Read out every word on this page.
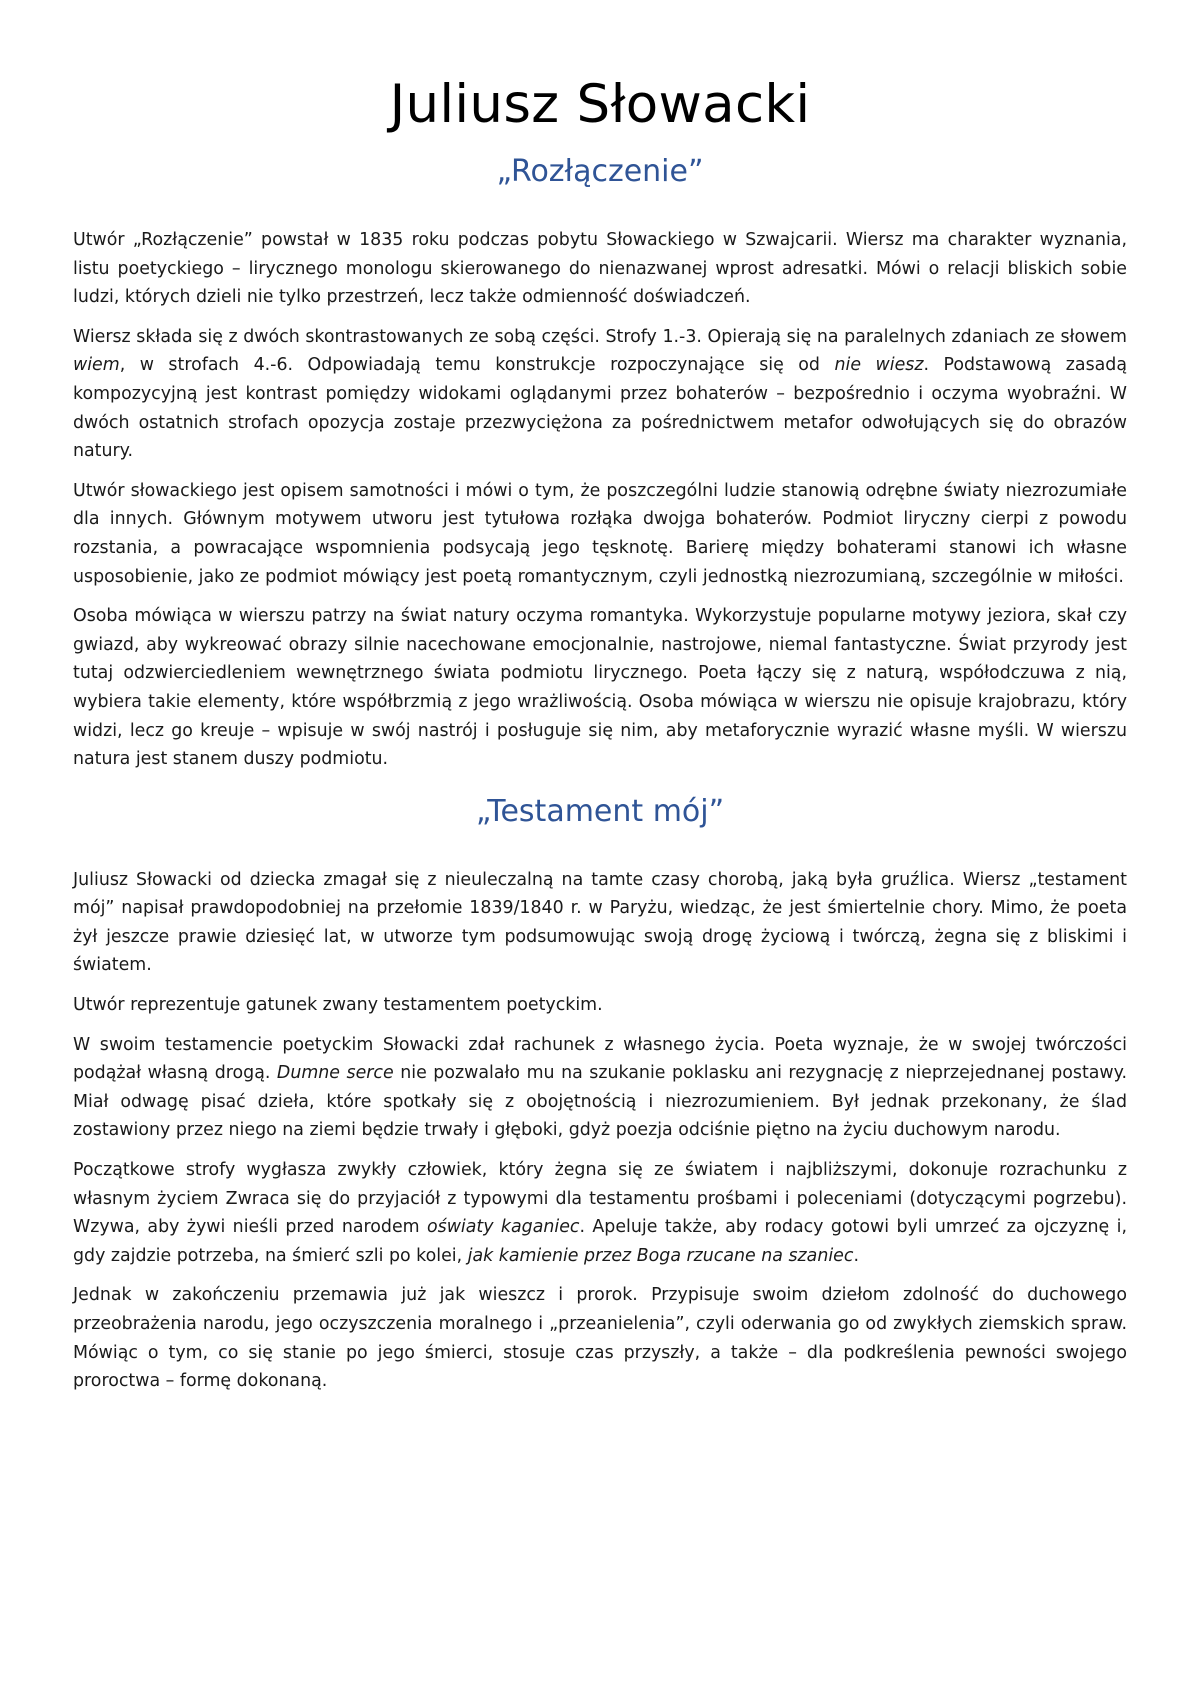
Juliusz Słowacki
„Rozłączenie”

Utwór „Rozłączenie” powstał w 1835 roku podczas pobytu Słowackiego w Szwajcarii. Wiersz ma charakter wyznania, listu poetyckiego – lirycznego monologu skierowanego do nienazwanej wprost adresatki. Mówi o relacji bliskich sobie ludzi, których dzieli nie tylko przestrzeń, lecz także odmienność doświadczeń.

Wiersz składa się z dwóch skontrastowanych ze sobą części. Strofy 1.-3. Opierają się na paralelnych zdaniach ze słowem wiem, w strofach 4.-6. Odpowiadają temu konstrukcje rozpoczynające się od nie wiesz. Podstawową zasadą kompozycyjną jest kontrast pomiędzy widokami oglądanymi przez bohaterów – bezpośrednio i oczyma wyobraźni. W dwóch ostatnich strofach opozycja zostaje przezwyciężona za pośrednictwem metafor odwołujących się do obrazów natury.

Utwór słowackiego jest opisem samotności i mówi o tym, że poszczególni ludzie stanowią odrębne światy niezrozumiałe dla innych. Głównym motywem utworu jest tytułowa rozłąka dwojga bohaterów. Podmiot liryczny cierpi z powodu rozstania, a powracające wspomnienia podsycają jego tęsknotę. Barierę między bohaterami stanowi ich własne usposobienie, jako ze podmiot mówiący jest poetą romantycznym, czyli jednostką niezrozumianą, szczególnie w miłości.

Osoba mówiąca w wierszu patrzy na świat natury oczyma romantyka. Wykorzystuje popularne motywy jeziora, skał czy gwiazd, aby wykreować obrazy silnie nacechowane emocjonalnie, nastrojowe, niemal fantastyczne. Świat przyrody jest tutaj odzwierciedleniem wewnętrznego świata podmiotu lirycznego. Poeta łączy się z naturą, współodczuwa z nią, wybiera takie elementy, które współbrzmią z jego wrażliwością. Osoba mówiąca w wierszu nie opisuje krajobrazu, który widzi, lecz go kreuje – wpisuje w swój nastrój i posługuje się nim, aby metaforycznie wyrazić własne myśli. W wierszu natura jest stanem duszy podmiotu.

„Testament mój”

Juliusz Słowacki od dziecka zmagał się z nieuleczalną na tamte czasy chorobą, jaką była gruźlica. Wiersz „testament mój” napisał prawdopodobniej na przełomie 1839/1840 r. w Paryżu, wiedząc, że jest śmiertelnie chory. Mimo, że poeta żył jeszcze prawie dziesięć lat, w utworze tym podsumowując swoją drogę życiową i twórczą, żegna się z bliskimi i światem.

Utwór reprezentuje gatunek zwany testamentem poetyckim.

W swoim testamencie poetyckim Słowacki zdał rachunek z własnego życia. Poeta wyznaje, że w swojej twórczości podążał własną drogą. Dumne serce nie pozwalało mu na szukanie poklasku ani rezygnację z nieprzejednanej postawy. Miał odwagę pisać dzieła, które spotkały się z obojętnością i niezrozumieniem. Był jednak przekonany, że ślad zostawiony przez niego na ziemi będzie trwały i głęboki, gdyż poezja odciśnie piętno na życiu duchowym narodu.

Początkowe strofy wygłasza zwykły człowiek, który żegna się ze światem i najbliższymi, dokonuje rozrachunku z własnym życiem Zwraca się do przyjaciół z typowymi dla testamentu prośbami i poleceniami (dotyczącymi pogrzebu). Wzywa, aby żywi nieśli przed narodem oświaty kaganiec. Apeluje także, aby rodacy gotowi byli umrzeć za ojczyznę i, gdy zajdzie potrzeba, na śmierć szli po kolei, jak kamienie przez Boga rzucane na szaniec.

Jednak w zakończeniu przemawia już jak wieszcz i prorok. Przypisuje swoim dziełom zdolność do duchowego przeobrażenia narodu, jego oczyszczenia moralnego i „przeanielenia”, czyli oderwania go od zwykłych ziemskich spraw. Mówiąc o tym, co się stanie po jego śmierci, stosuje czas przyszły, a także – dla podkreślenia pewności swojego proroctwa – formę dokonaną.
